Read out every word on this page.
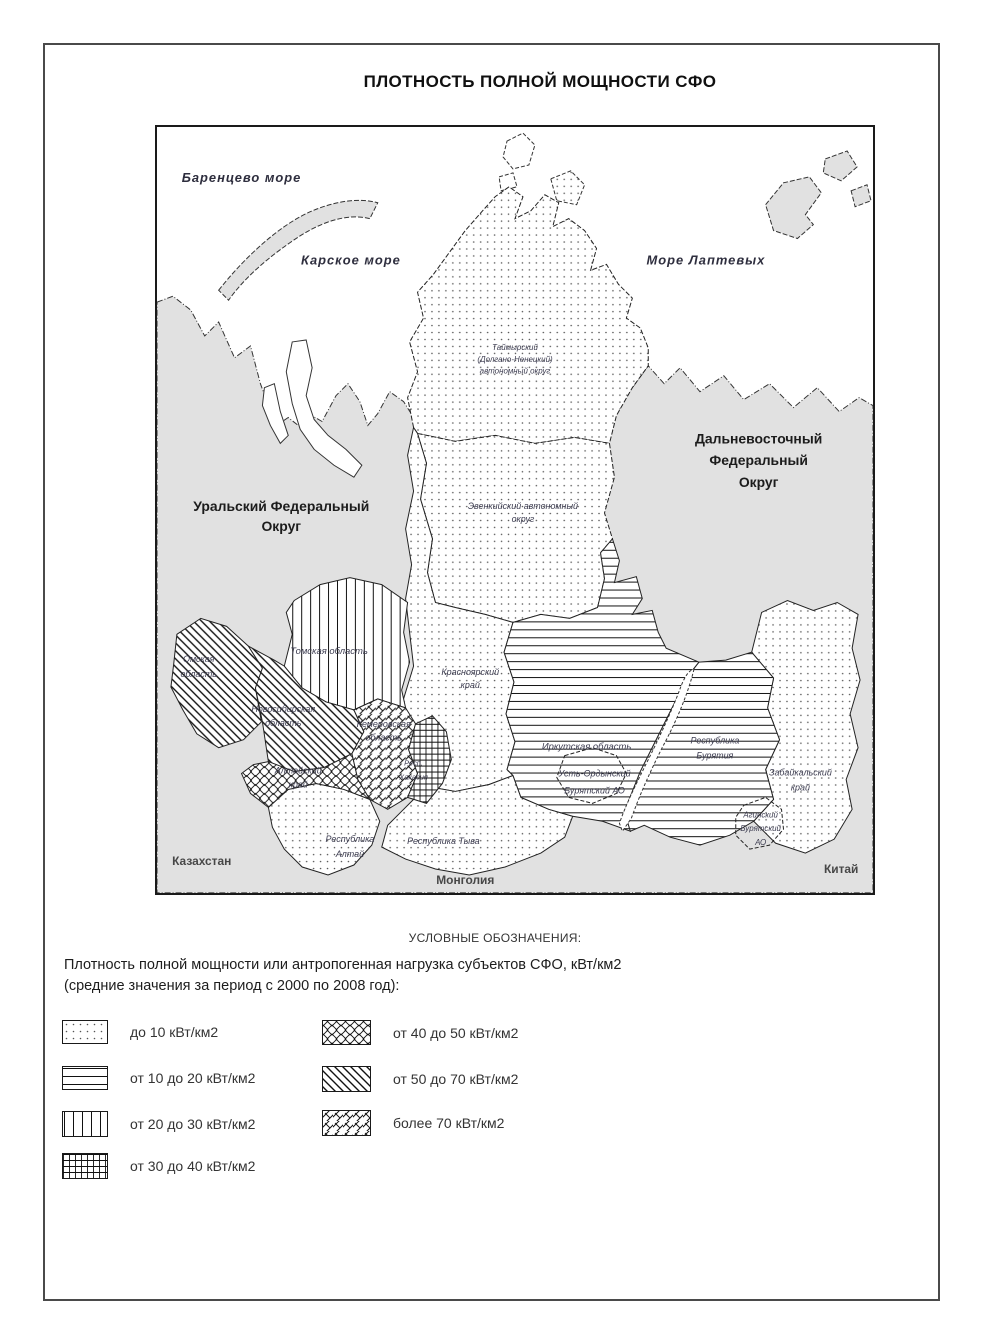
ПЛОТНОСТЬ ПОЛНОЙ МОЩНОСТИ СФО
Баренцево море
Карское море	Море Лаптевых
Уральский Федеральный
Округ
Дальневосточный
Федеральный
Округ
Казахстан
Монголия
Китай
Таймырский
(Долгано-Ненецкий)
автономный округ
Эвенкийский автономный
округ
Красноярский
край
Томская область
Омская
область
Новосибирская
область	Кемеровская
область
Алтайский
край
Респ.
Хакасия
Иркутская область
Усть-Ордынский
Бурятский АО
Республика
Бурятия
Забайкальский
край
Агинский
Бурятский
АО
Республика
Алтай
Республика Тыва
УСЛОВНЫЕ ОБОЗНАЧЕНИЯ:
Плотность полной мощности или антропогенная нагрузка субъектов СФО, кВт/км2
(средние значения за период с 2000 по 2008 год):
до 10 кВт/км2
от 10 до 20 кВт/км2
от 20 до 30 кВт/км2
от 30 до 40 кВт/км2
от 40 до 50 кВт/км2
от 50 до 70 кВт/км2
более 70 кВт/км2
